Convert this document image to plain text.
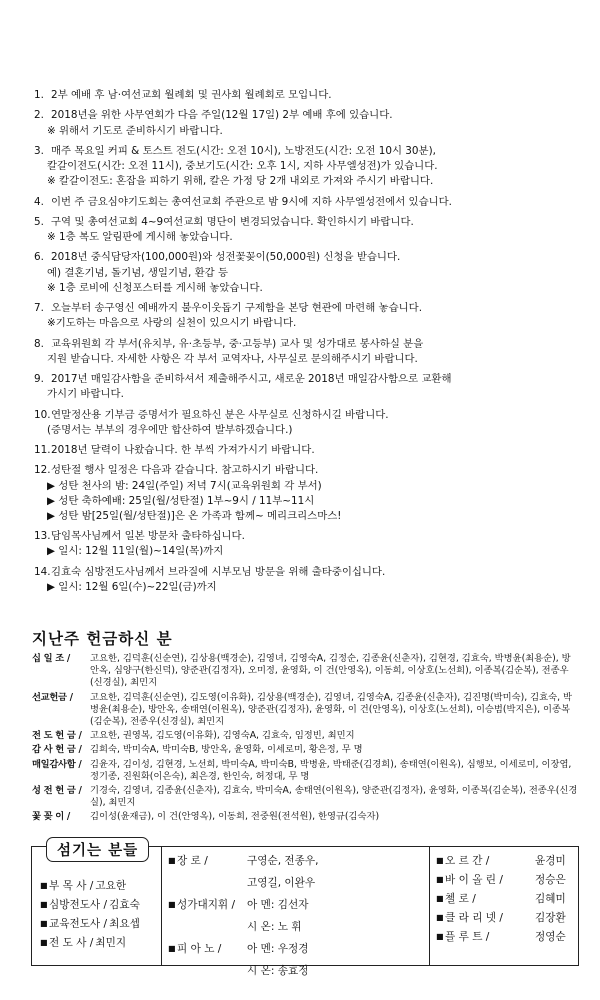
1. 2부 예배 후 남·여선교회 월례회 및 권사회 월례회로 모입니다.
2. 2018년을 위한 사무연회가 다음 주일(12월 17일) 2부 예배 후에 있습니다.
※ 위해서 기도로 준비하시기 바랍니다.
3. 매주 목요일 커피 & 토스트 전도(시간: 오전 10시), 노방전도(시간: 오전 10시 30분),
칼갈이전도(시간: 오전 11시), 중보기도(시간: 오후 1시, 지하 사무엘성전)가 있습니다.
※ 칼갈이전도: 혼잡을 피하기 위해, 칼은 가정 당 2개 내외로 가져와 주시기 바랍니다.
4. 이번 주 금요심야기도회는 총여선교회 주관으로 밤 9시에 지하 사무엘성전에서 있습니다.
5. 구역 및 총여선교회 4~9여선교회 명단이 변경되었습니다. 확인하시기 바랍니다.
※ 1층 복도 알림판에 게시해 놓았습니다.
6. 2018년 중식담당자(100,000원)와 성전꽃꽂이(50,000원) 신청을 받습니다.
예) 결혼기념, 돌기념, 생일기념, 환갑 등
※ 1층 로비에 신청포스터를 게시해 놓았습니다.
7. 오늘부터 송구영신 예배까지 불우이웃돕기 구제함을 본당 현관에 마련해 놓습니다.
※기도하는 마음으로 사랑의 실천이 있으시기 바랍니다.
8. 교육위원회 각 부서(유치부, 유·초등부, 중·고등부) 교사 및 성가대로 봉사하실 분을
지원 받습니다. 자세한 사항은 각 부서 교역자나, 사무실로 문의해주시기 바랍니다.
9. 2017년 매일감사함을 준비하셔서 제출해주시고, 새로운 2018년 매일감사함으로 교환해
가시기 바랍니다.
10.연말정산용 기부금 증명서가 필요하신 분은 사무실로 신청하시길 바랍니다.
(증명서는 부부의 경우에만 합산하여 발부하겠습니다.)
11.2018년 달력이 나왔습니다. 한 부씩 가져가시기 바랍니다.
12.성탄절 행사 일정은 다음과 같습니다. 참고하시기 바랍니다.
▶ 성탄 천사의 밤: 24일(주일) 저녁 7시(교육위원회 각 부서)
▶ 성탄 축하예배: 25일(월/성탄절) 1부~9시 / 11부~11시
▶ 성탄 밤[25일(월/성탄절)]은 온 가족과 함께~ 메리크리스마스!
13.담임목사님께서 일본 방문차 출타하십니다.
▶ 일시: 12월 11일(월)~14일(목)까지
14.김효숙 심방전도사님께서 브라질에 시부모님 방문을 위해 출타중이십니다.
▶ 일시: 12월 6일(수)~22일(금)까지
지난주 헌금하신 분
십 일 조 /	고요한, 김덕훈(신순연), 김상용(백경순), 김영녀, 김영숙A, 김정순, 김종윤(신춘자), 김현경, 김효숙, 박병윤(최용순), 방안옥, 심양구(한신덕), 양준관(김정자), 오미정, 윤영화, 이 건(안영옥), 이동희, 이상호(노선희), 이종복(김순복), 전종우(신경실), 최민지
선교헌금 /	고요한, 김덕훈(신순연), 김도영(이유화), 김상용(백경순), 김영녀, 김영숙A, 김종윤(신춘자), 김진명(박미숙), 김효숙, 박병윤(최용순), 방안옥, 송태연(이원옥), 양준관(김정자), 윤영화, 이 건(안영옥), 이상호(노선희), 이승범(박지은), 이종복(김순복), 전종우(신경실), 최민지
전 도 헌 금 / 고요한, 권영복, 김도영(이유화), 김영숙A, 김효숙, 임정빈, 최민지
감 사 헌 금 / 김희숙, 박미숙A, 박미숙B, 방안옥, 윤영화, 이세로미, 황은정, 무 명
매일감사함 / 김윤자, 김이성, 김현경, 노선희, 박미숙A, 박미숙B, 박병윤, 박태준(김경희), 송태연(이원옥), 심행보, 이세로미, 이장엽, 정기종, 진원화(이은숙), 최은경, 한인숙, 허정대, 무 명
성 전 헌 금 / 기경숙, 김영녀, 김종윤(신춘자), 김효숙, 박미숙A, 송태연(이원옥), 양준관(김정자), 윤영화, 이종복(김순복), 전종우(신경실), 최민지
꽃 꽂 이 /	김이성(윤재금), 이 건(안영옥), 이동희, 전중원(전석원), 한영규(김숙자)
■ 부 목 사 / 고요한
■ 심방전도사 / 김효숙
■ 교육전도사 / 최요셉
■ 전 도 사 / 최민지
■ 장 로 /	구영순, 전종우,
고영길, 이완우
■ 성가대지휘 /	아 멘: 김선자
시 온: 노 휘
■ 피 아 노 /	아 멘: 우정경
시 온: 송효정
■ 오 르 간 /	윤경미
■ 바 이 올 린 /	정승은
■ 첼 로 /	김혜미
■ 클 라 리 넷 /	김장환
■ 플 루 트 /	정영순
섬기는 분들
